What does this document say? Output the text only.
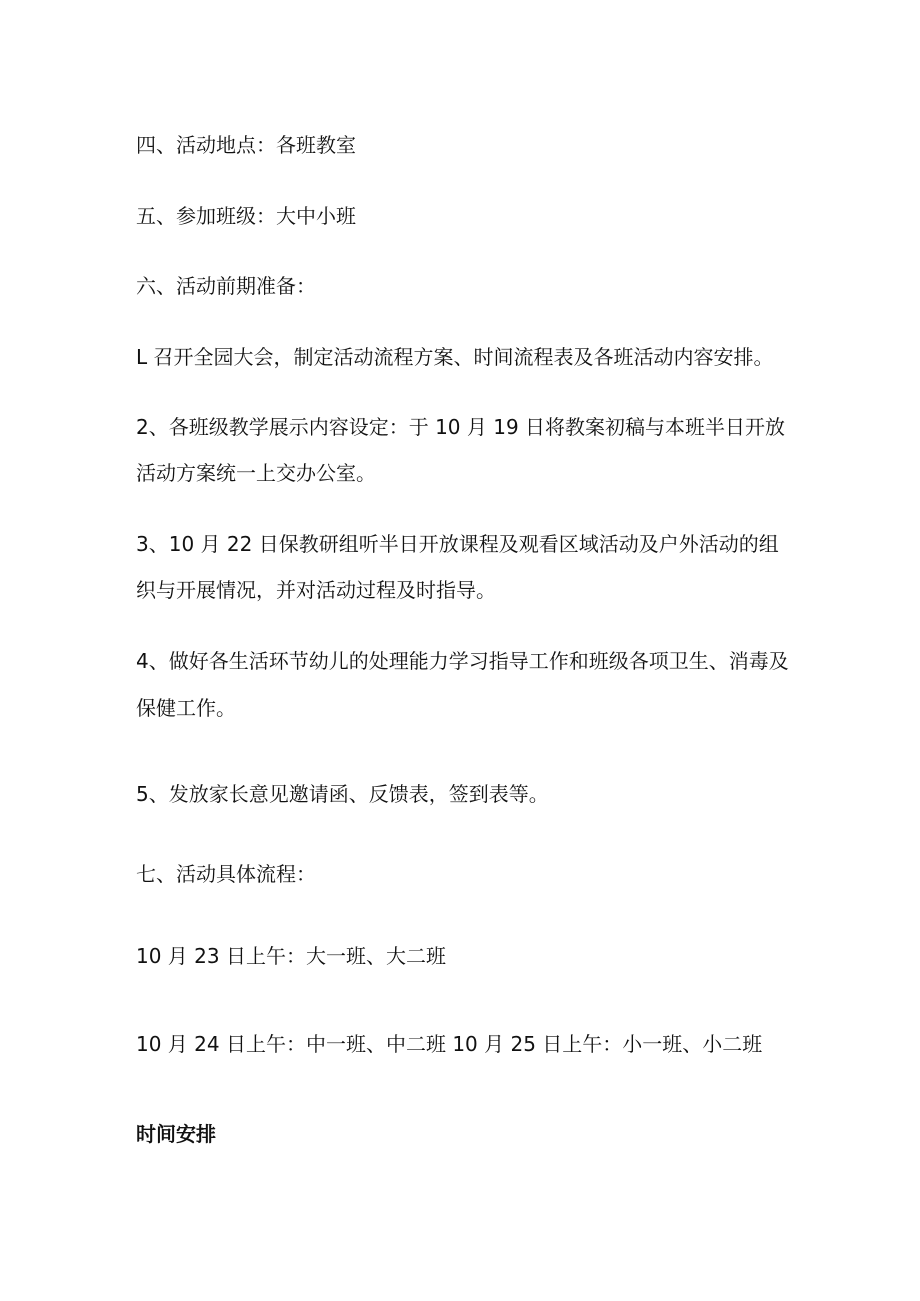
四、活动地点：各班教室
五、参加班级：大中小班
六、活动前期准备：
L 召开全园大会，制定活动流程方案、时间流程表及各班活动内容安排。
2、各班级教学展示内容设定：于 10 月 19 日将教案初稿与本班半日开放
活动方案统一上交办公室。
3、10 月 22 日保教研组听半日开放课程及观看区域活动及户外活动的组
织与开展情况，并对活动过程及时指导。
4、做好各生活环节幼儿的处理能力学习指导工作和班级各项卫生、消毒及
保健工作。
5、发放家长意见邀请函、反馈表，签到表等。
七、活动具体流程：
10 月 23 日上午：大一班、大二班
10 月 24 日上午：中一班、中二班 10 月 25 日上午：小一班、小二班
时间安排
